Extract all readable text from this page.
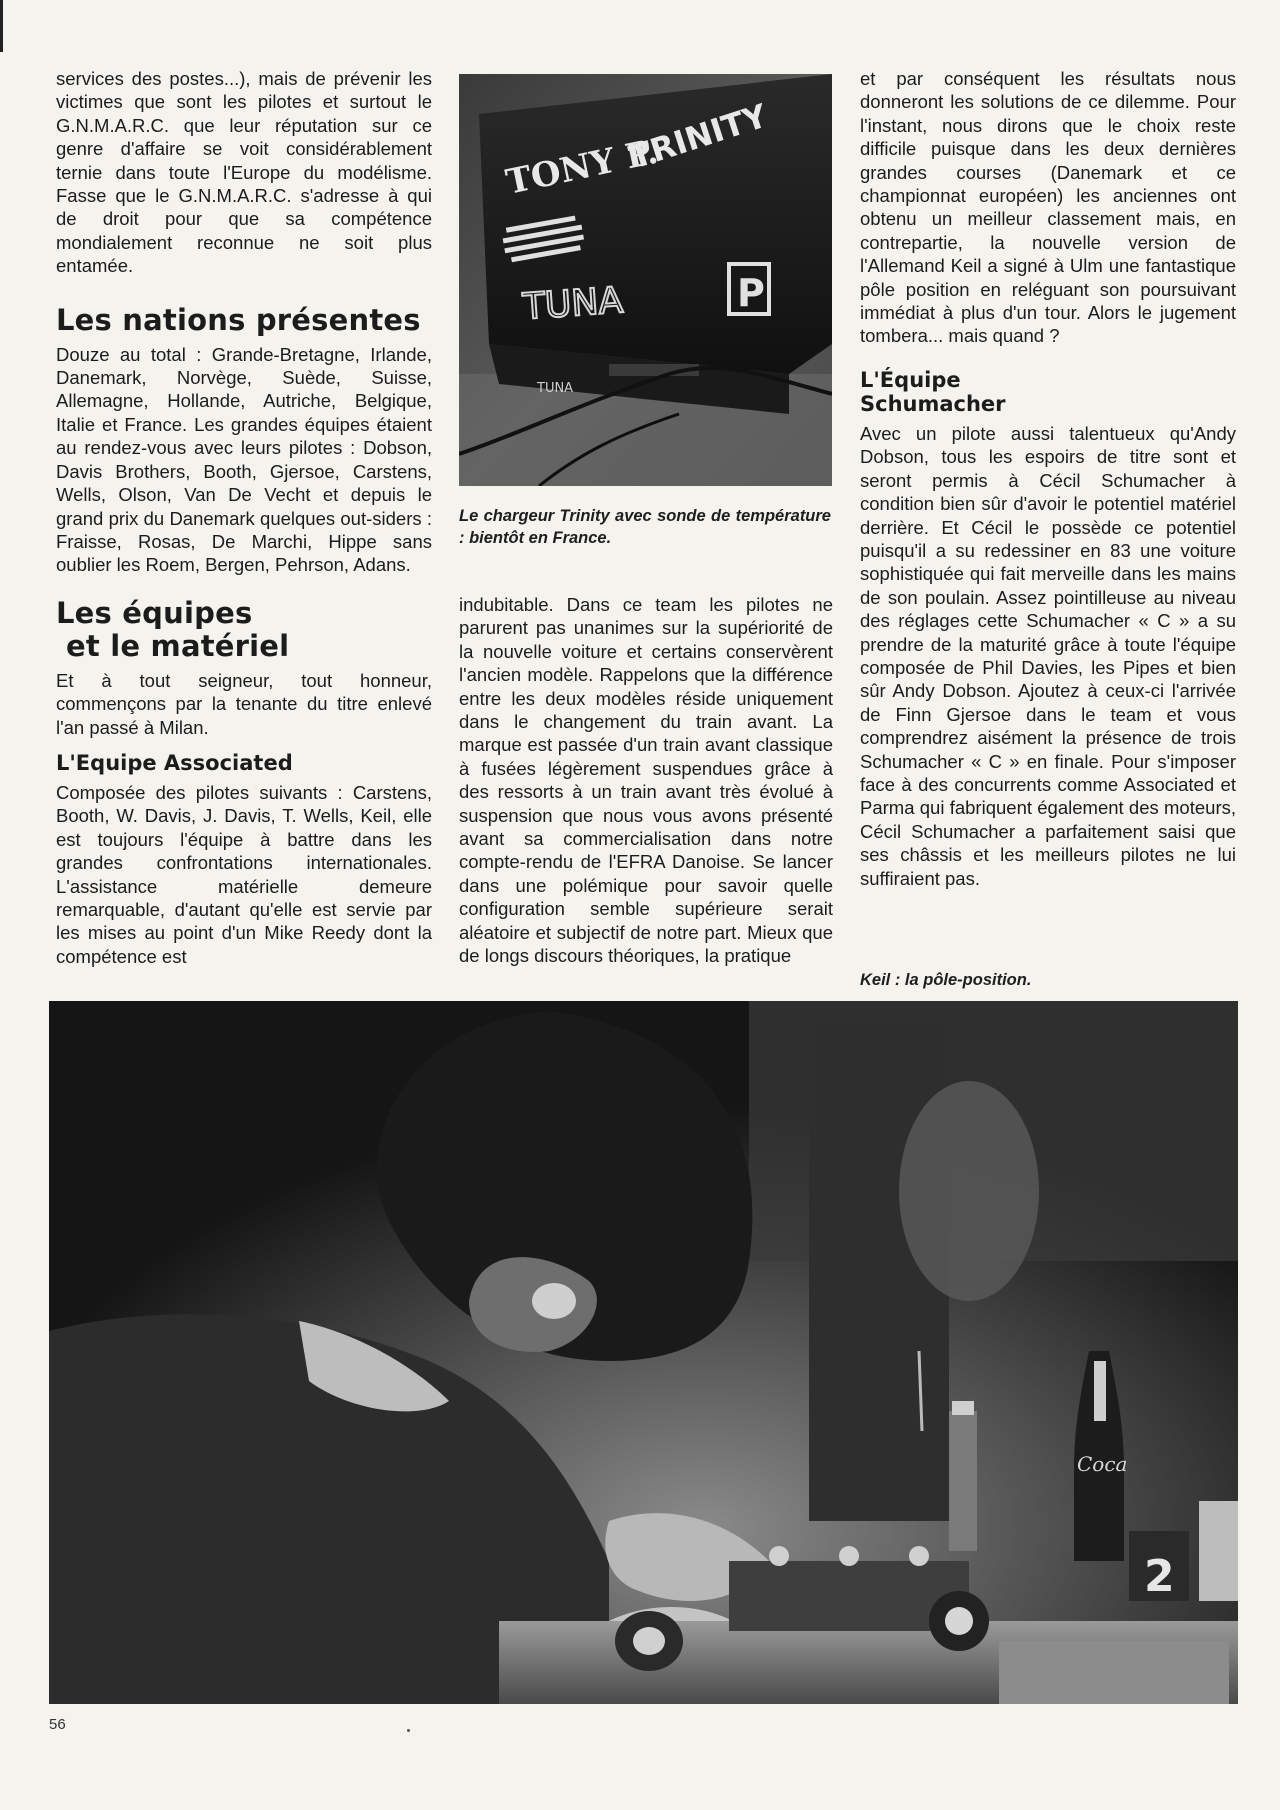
services des postes...), mais de prévenir les victimes que sont les pilotes et surtout le G.N.M.A.R.C. que leur réputation sur ce genre d'affaire se voit considérablement ternie dans toute l'Europe du modélisme. Fasse que le G.N.M.A.R.C. s'adresse à qui de droit pour que sa compétence mondialement reconnue ne soit plus entamée.

Les nations présentes

Douze au total : Grande-Bretagne, Irlande, Danemark, Norvège, Suède, Suisse, Allemagne, Hollande, Autriche, Belgique, Italie et France. Les grandes équipes étaient au rendez-vous avec leurs pilotes : Dobson, Davis Brothers, Booth, Gjersoe, Carstens, Wells, Olson, Van De Vecht et depuis le grand prix du Danemark quelques out-siders : Fraisse, Rosas, De Marchi, Hippe sans oublier les Roem, Bergen, Pehrson, Adans.

Les équipes
et le matériel

Et à tout seigneur, tout honneur, commençons par la tenante du titre enlevé l'an passé à Milan.

L'Equipe Associated

Composée des pilotes suivants : Carstens, Booth, W. Davis, J. Davis, T. Wells, Keil, elle est toujours l'équipe à battre dans les grandes confrontations internationales. L'assistance matérielle demeure remarquable, d'autant qu'elle est servie par les mises au point d'un Mike Reedy dont la compétence est

TONY P.
TRINITY
TUNA	P
TUNA
Le chargeur Trinity avec sonde de température : bientôt en France.

indubitable. Dans ce team les pilotes ne parurent pas unanimes sur la supériorité de la nouvelle voiture et certains conservèrent l'ancien modèle. Rappelons que la différence entre les deux modèles réside uniquement dans le changement du train avant. La marque est passée d'un train avant classique à fusées légèrement suspendues grâce à des ressorts à un train avant très évolué à suspension que nous vous avons présenté avant sa commercialisation dans notre compte-rendu de l'EFRA Danoise. Se lancer dans une polémique pour savoir quelle configuration semble supérieure serait aléatoire et subjectif de notre part. Mieux que de longs discours théoriques, la pratique

et par conséquent les résultats nous donneront les solutions de ce dilemme. Pour l'instant, nous dirons que le choix reste difficile puisque dans les deux dernières grandes courses (Danemark et ce championnat européen) les anciennes ont obtenu un meilleur classement mais, en contrepartie, la nouvelle version de l'Allemand Keil a signé à Ulm une fantastique pôle position en reléguant son poursuivant immédiat à plus d'un tour. Alors le jugement tombera... mais quand ?

L'Équipe
Schumacher

Avec un pilote aussi talentueux qu'Andy Dobson, tous les espoirs de titre sont et seront permis à Cécil Schumacher à condition bien sûr d'avoir le potentiel matériel derrière. Et Cécil le possède ce potentiel puisqu'il a su redessiner en 83 une voiture sophistiquée qui fait merveille dans les mains de son poulain. Assez pointilleuse au niveau des réglages cette Schumacher « C » a su prendre de la maturité grâce à toute l'équipe composée de Phil Davies, les Pipes et bien sûr Andy Dobson. Ajoutez à ceux-ci l'arrivée de Finn Gjersoe dans le team et vous comprendrez aisément la présence de trois Schumacher « C » en finale. Pour s'imposer face à des concurrents comme Associated et Parma qui fabriquent également des moteurs, Cécil Schumacher a parfaitement saisi que ses châssis et les meilleurs pilotes ne lui suffiraient pas.

Keil : la pôle-position.
Coca
2
56
